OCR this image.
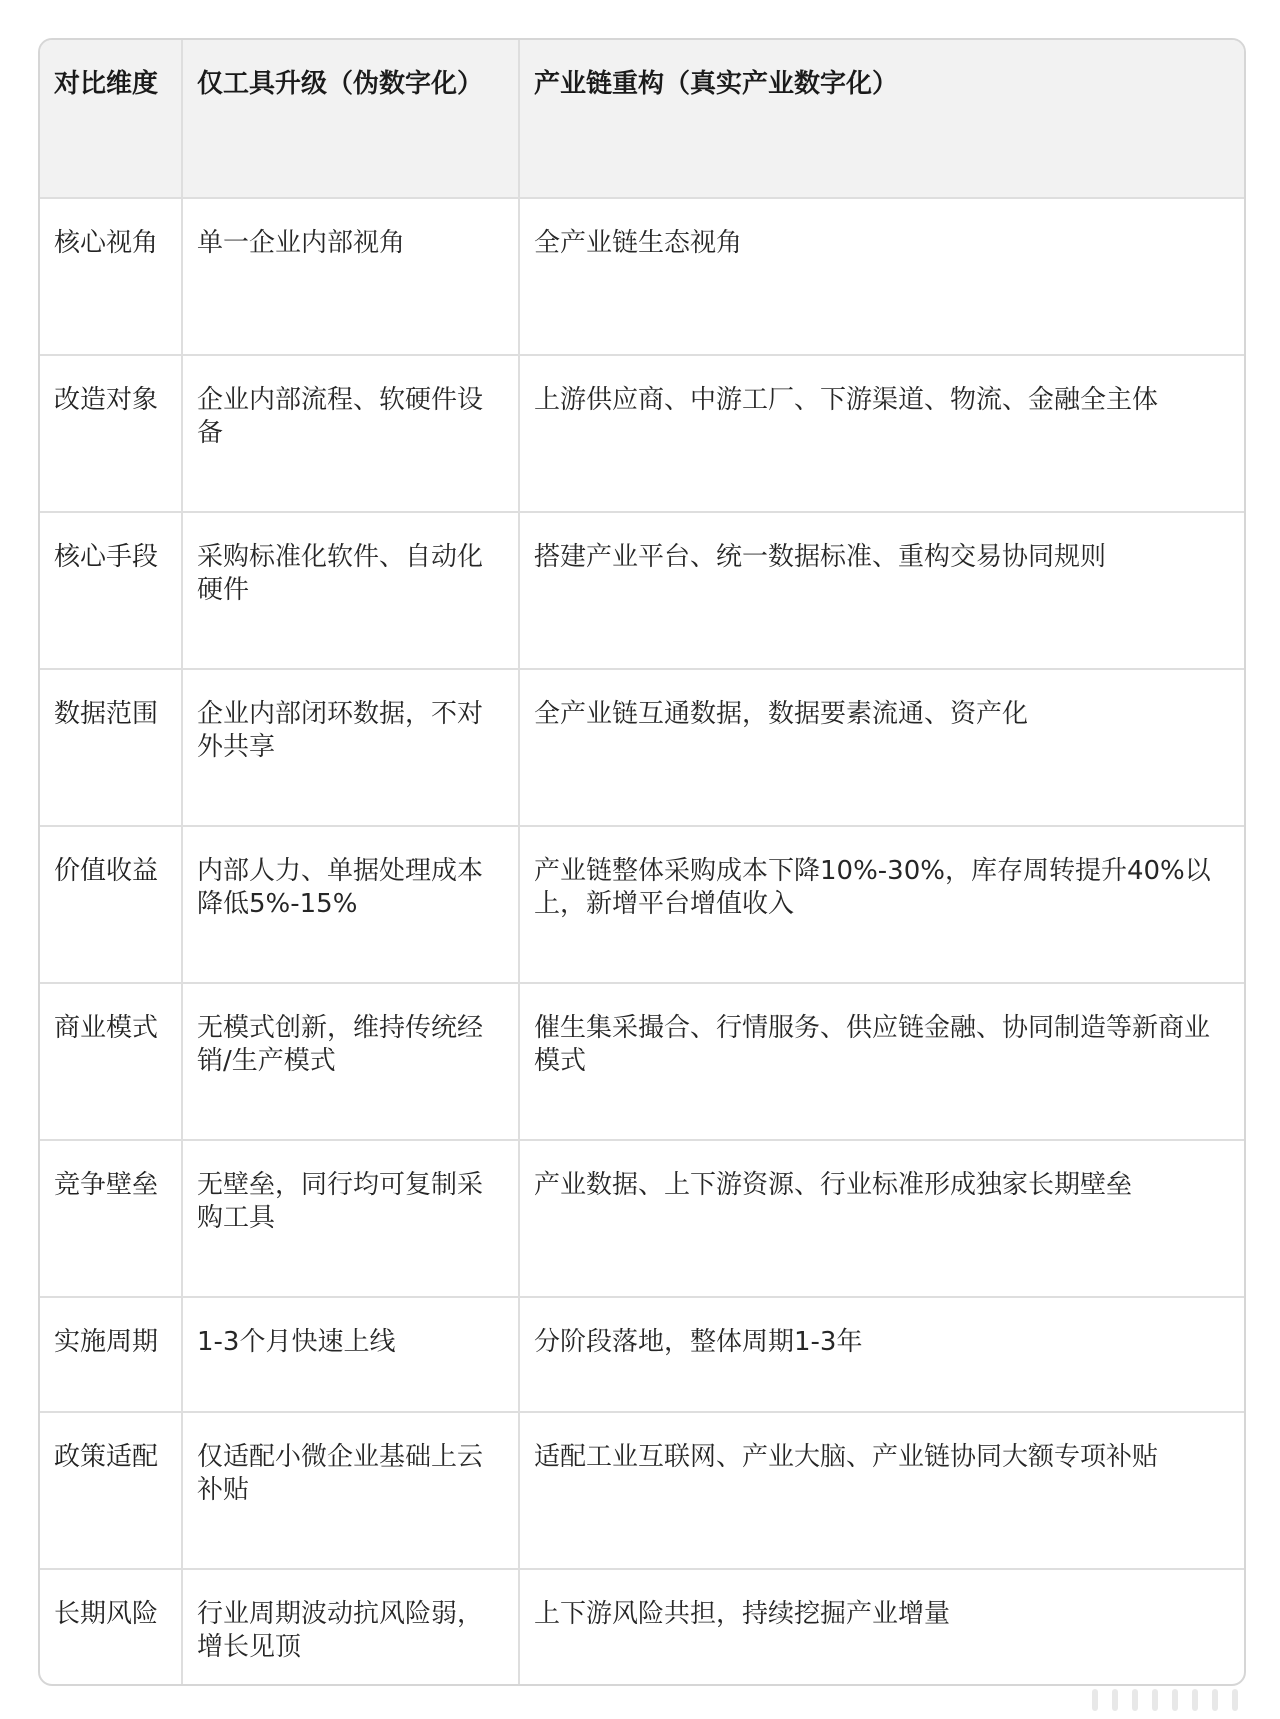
对比维度	仅工具升级（伪数字化）	产业链重构（真实产业数字化）
核心视角	单一企业内部视角	全产业链生态视角
改造对象	企业内部流程、软硬件设备	上游供应商、中游工厂、下游渠道、物流、金融全主体
核心手段	采购标准化软件、自动化硬件	搭建产业平台、统一数据标准、重构交易协同规则
数据范围	企业内部闭环数据，不对外共享	全产业链互通数据，数据要素流通、资产化
价值收益	内部人力、单据处理成本降低5%-15%	产业链整体采购成本下降10%-30%，库存周转提升40%以上，新增平台增值收入
商业模式	无模式创新，维持传统经销/生产模式	催生集采撮合、行情服务、供应链金融、协同制造等新商业模式
竞争壁垒	无壁垒，同行均可复制采购工具	产业数据、上下游资源、行业标准形成独家长期壁垒
实施周期	1-3个月快速上线	分阶段落地，整体周期1-3年
政策适配	仅适配小微企业基础上云补贴	适配工业互联网、产业大脑、产业链协同大额专项补贴
长期风险	行业周期波动抗风险弱，增长见顶	上下游风险共担，持续挖掘产业增量
